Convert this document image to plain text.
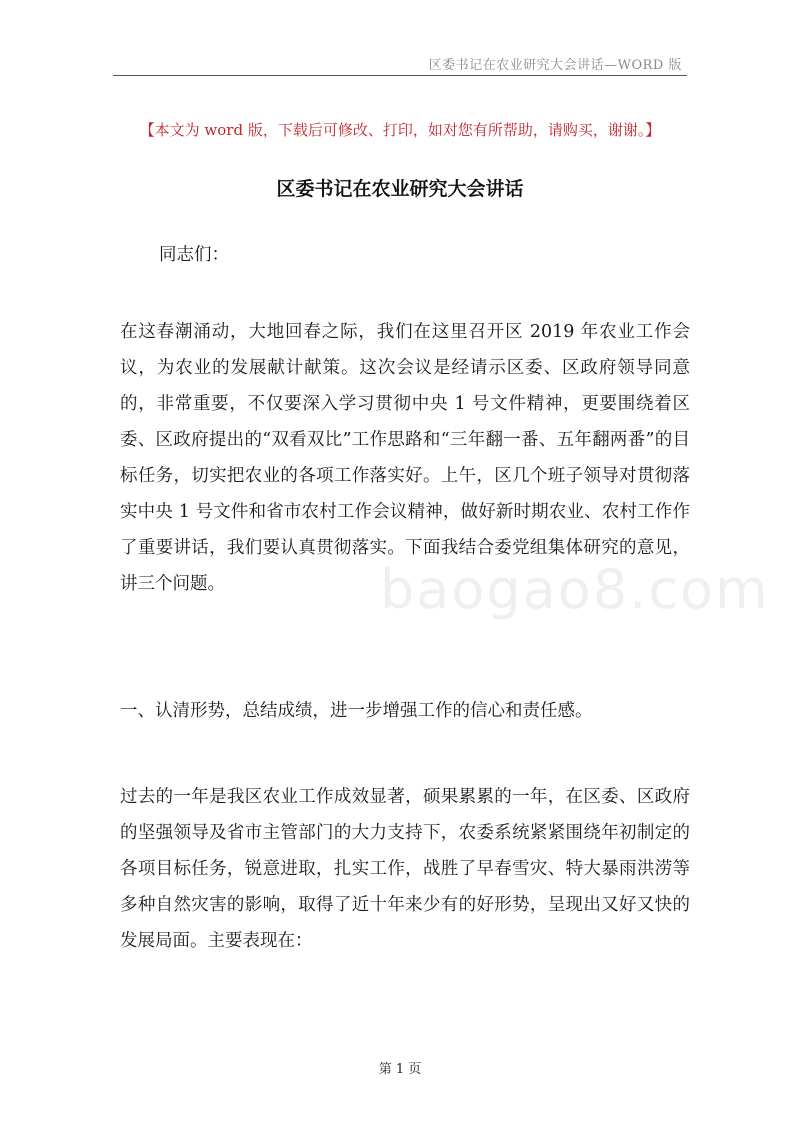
区委书记在农业研究大会讲话—WORD 版
【本文为 word 版，下载后可修改、打印，如对您有所帮助，请购买，谢谢。】
区委书记在农业研究大会讲话

同志们：

在这春潮涌动，大地回春之际，我们在这里召开区 2019 年农业工作会议，为农业的发展献计献策。这次会议是经请示区委、区政府领导同意的，非常重要，不仅要深入学习贯彻中央 1 号文件精神，更要围绕着区委、区政府提出的“双看双比”工作思路和“三年翻一番、五年翻两番”的目标任务，切实把农业的各项工作落实好。上午，区几个班子领导对贯彻落实中央 1 号文件和省市农村工作会议精神，做好新时期农业、农村工作作了重要讲话，我们要认真贯彻落实。下面我结合委党组集体研究的意见，讲三个问题。

一、认清形势，总结成绩，进一步增强工作的信心和责任感。

过去的一年是我区农业工作成效显著，硕果累累的一年，在区委、区政府的坚强领导及省市主管部门的大力支持下，农委系统紧紧围绕年初制定的各项目标任务，锐意进取，扎实工作，战胜了早春雪灾、特大暴雨洪涝等多种自然灾害的影响，取得了近十年来少有的好形势，呈现出又好又快的发展局面。主要表现在：

baogao8.com
第 1 页
